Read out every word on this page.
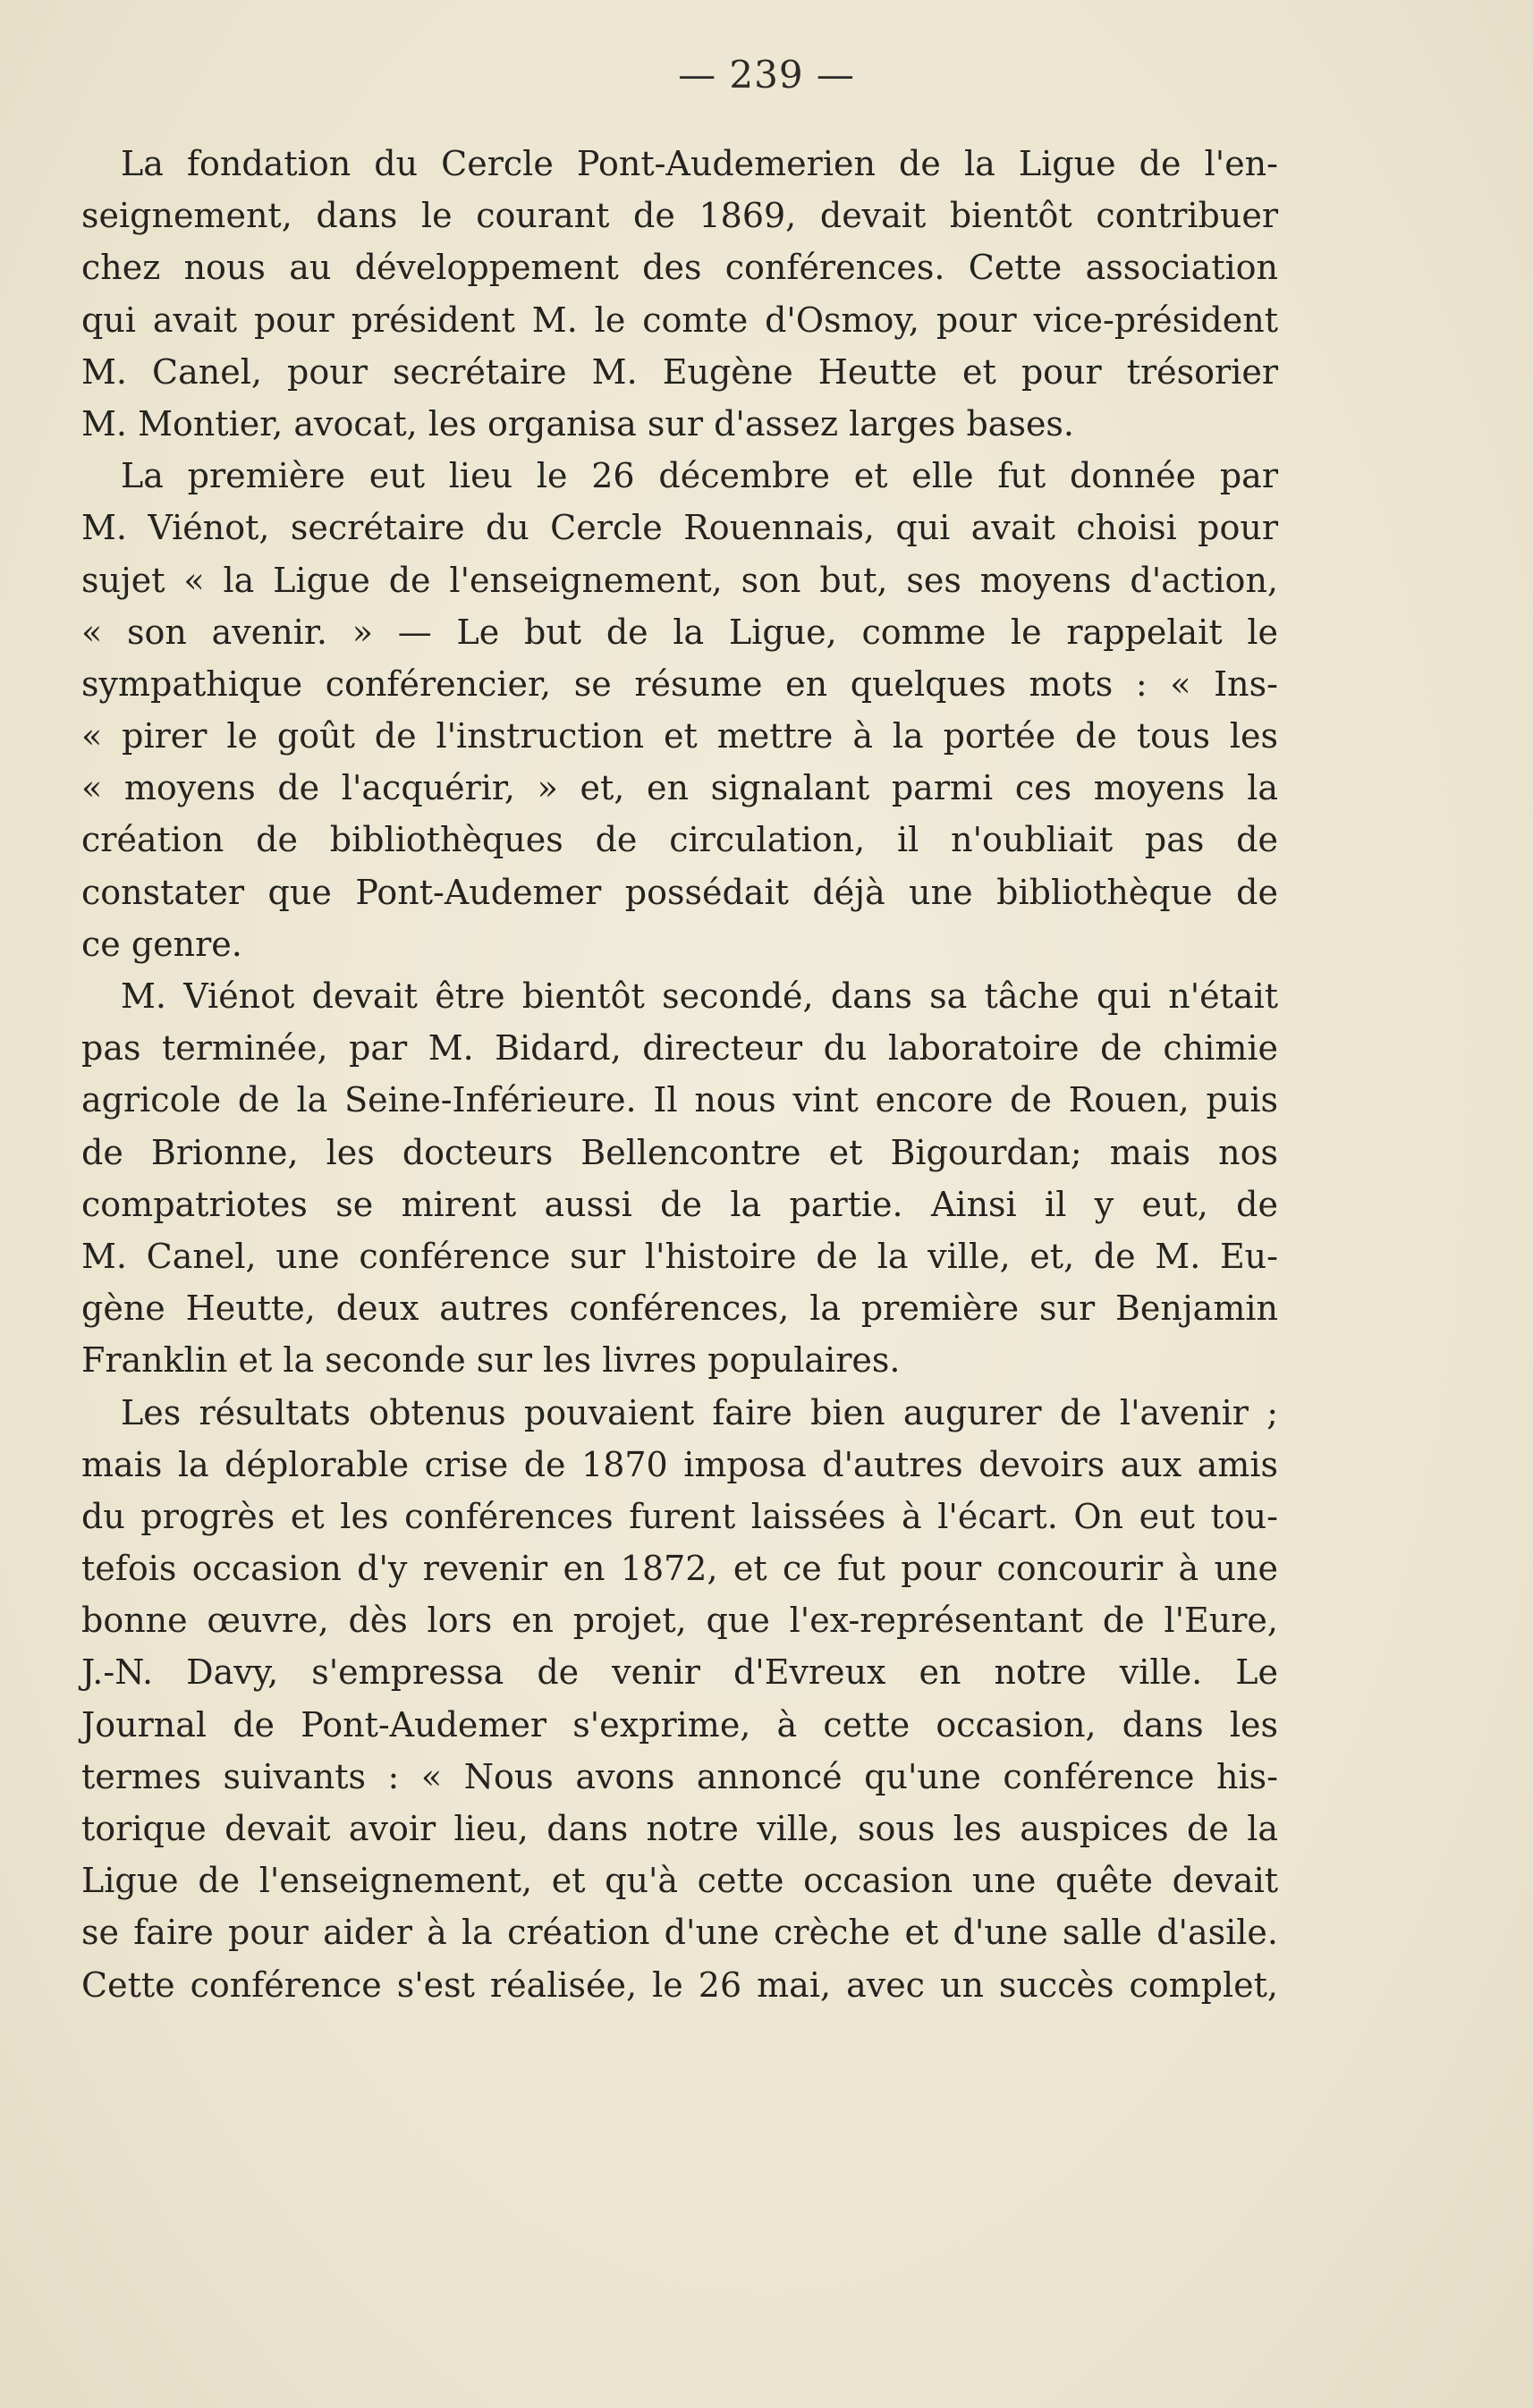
— 239 —
La fondation du Cercle Pont-Audemerien de la Ligue de l'en-
seignement, dans le courant de 1869, devait bientôt contribuer
chez nous au développement des conférences. Cette association
qui avait pour président M. le comte d'Osmoy, pour vice-président
M. Canel, pour secrétaire M. Eugène Heutte et pour trésorier
M. Montier, avocat, les organisa sur d'assez larges bases.
La première eut lieu le 26 décembre et elle fut donnée par
M. Viénot, secrétaire du Cercle Rouennais, qui avait choisi pour
sujet « la Ligue de l'enseignement, son but, ses moyens d'action,
« son avenir. » — Le but de la Ligue, comme le rappelait le
sympathique conférencier, se résume en quelques mots : « Ins-
« pirer le goût de l'instruction et mettre à la portée de tous les
« moyens de l'acquérir, » et, en signalant parmi ces moyens la
création de bibliothèques de circulation, il n'oubliait pas de
constater que Pont-Audemer possédait déjà une bibliothèque de
ce genre.
M. Viénot devait être bientôt secondé, dans sa tâche qui n'était
pas terminée, par M. Bidard, directeur du laboratoire de chimie
agricole de la Seine-Inférieure. Il nous vint encore de Rouen, puis
de Brionne, les docteurs Bellencontre et Bigourdan; mais nos
compatriotes se mirent aussi de la partie. Ainsi il y eut, de
M. Canel, une conférence sur l'histoire de la ville, et, de M. Eu-
gène Heutte, deux autres conférences, la première sur Benjamin
Franklin et la seconde sur les livres populaires.
Les résultats obtenus pouvaient faire bien augurer de l'avenir ;
mais la déplorable crise de 1870 imposa d'autres devoirs aux amis
du progrès et les conférences furent laissées à l'écart. On eut tou-
tefois occasion d'y revenir en 1872, et ce fut pour concourir à une
bonne œuvre, dès lors en projet, que l'ex-représentant de l'Eure,
J.-N. Davy, s'empressa de venir d'Evreux en notre ville. Le
Journal de Pont-Audemer s'exprime, à cette occasion, dans les
termes suivants : « Nous avons annoncé qu'une conférence his-
torique devait avoir lieu, dans notre ville, sous les auspices de la
Ligue de l'enseignement, et qu'à cette occasion une quête devait
se faire pour aider à la création d'une crèche et d'une salle d'asile.
Cette conférence s'est réalisée, le 26 mai, avec un succès complet,
